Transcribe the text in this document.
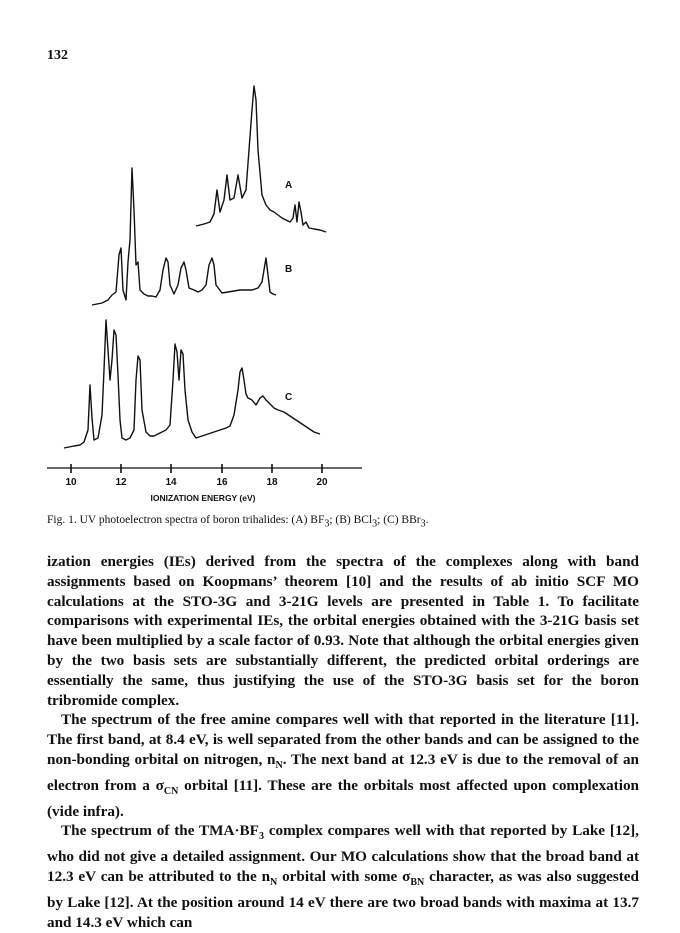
132
A
B
C
10	12	14	16	18	20
IONIZATION ENERGY (eV)
Fig. 1. UV photoelectron spectra of boron trihalides: (A) $BF_3$; (B) BCl$_3$; (C) BBr$_3$.

ization energies (IEs) derived from the spectra of the complexes along with band assignments based on Koopmans’ theorem [10] and the results of ab initio SCF MO calculations at the STO-3G and 3-21G levels are presented in Table 1. To facilitate comparisons with experimental IEs, the orbital energies obtained with the 3-21G basis set have been multiplied by a scale factor of 0.93. Note that although the orbital energies given by the two basis sets are substantially different, the predicted orbital orderings are essentially the same, thus justifying the use of the STO-3G basis set for the boron tribromide complex.

The spectrum of the free amine compares well with that reported in the literature [11]. The first band, at 8.4 eV, is well separated from the other bands and can be assigned to the non-bonding orbital on nitrogen, $n_N$. The next band at 12.3 eV is due to the removal of an electron from a $\sigma_{CN}$ orbital [11]. These are the orbitals most affected upon complexation (vide infra).

The spectrum of the $TMA\cdot BF_3$ complex compares well with that reported by Lake [12], who did not give a detailed assignment. Our MO calculations show that the broad band at 12.3 eV can be attributed to the $n_N$ orbital with some $\sigma_{BN}$ character, as was also suggested by Lake [12]. At the position around 14 eV there are two broad bands with maxima at 13.7 and 14.3 eV which can
